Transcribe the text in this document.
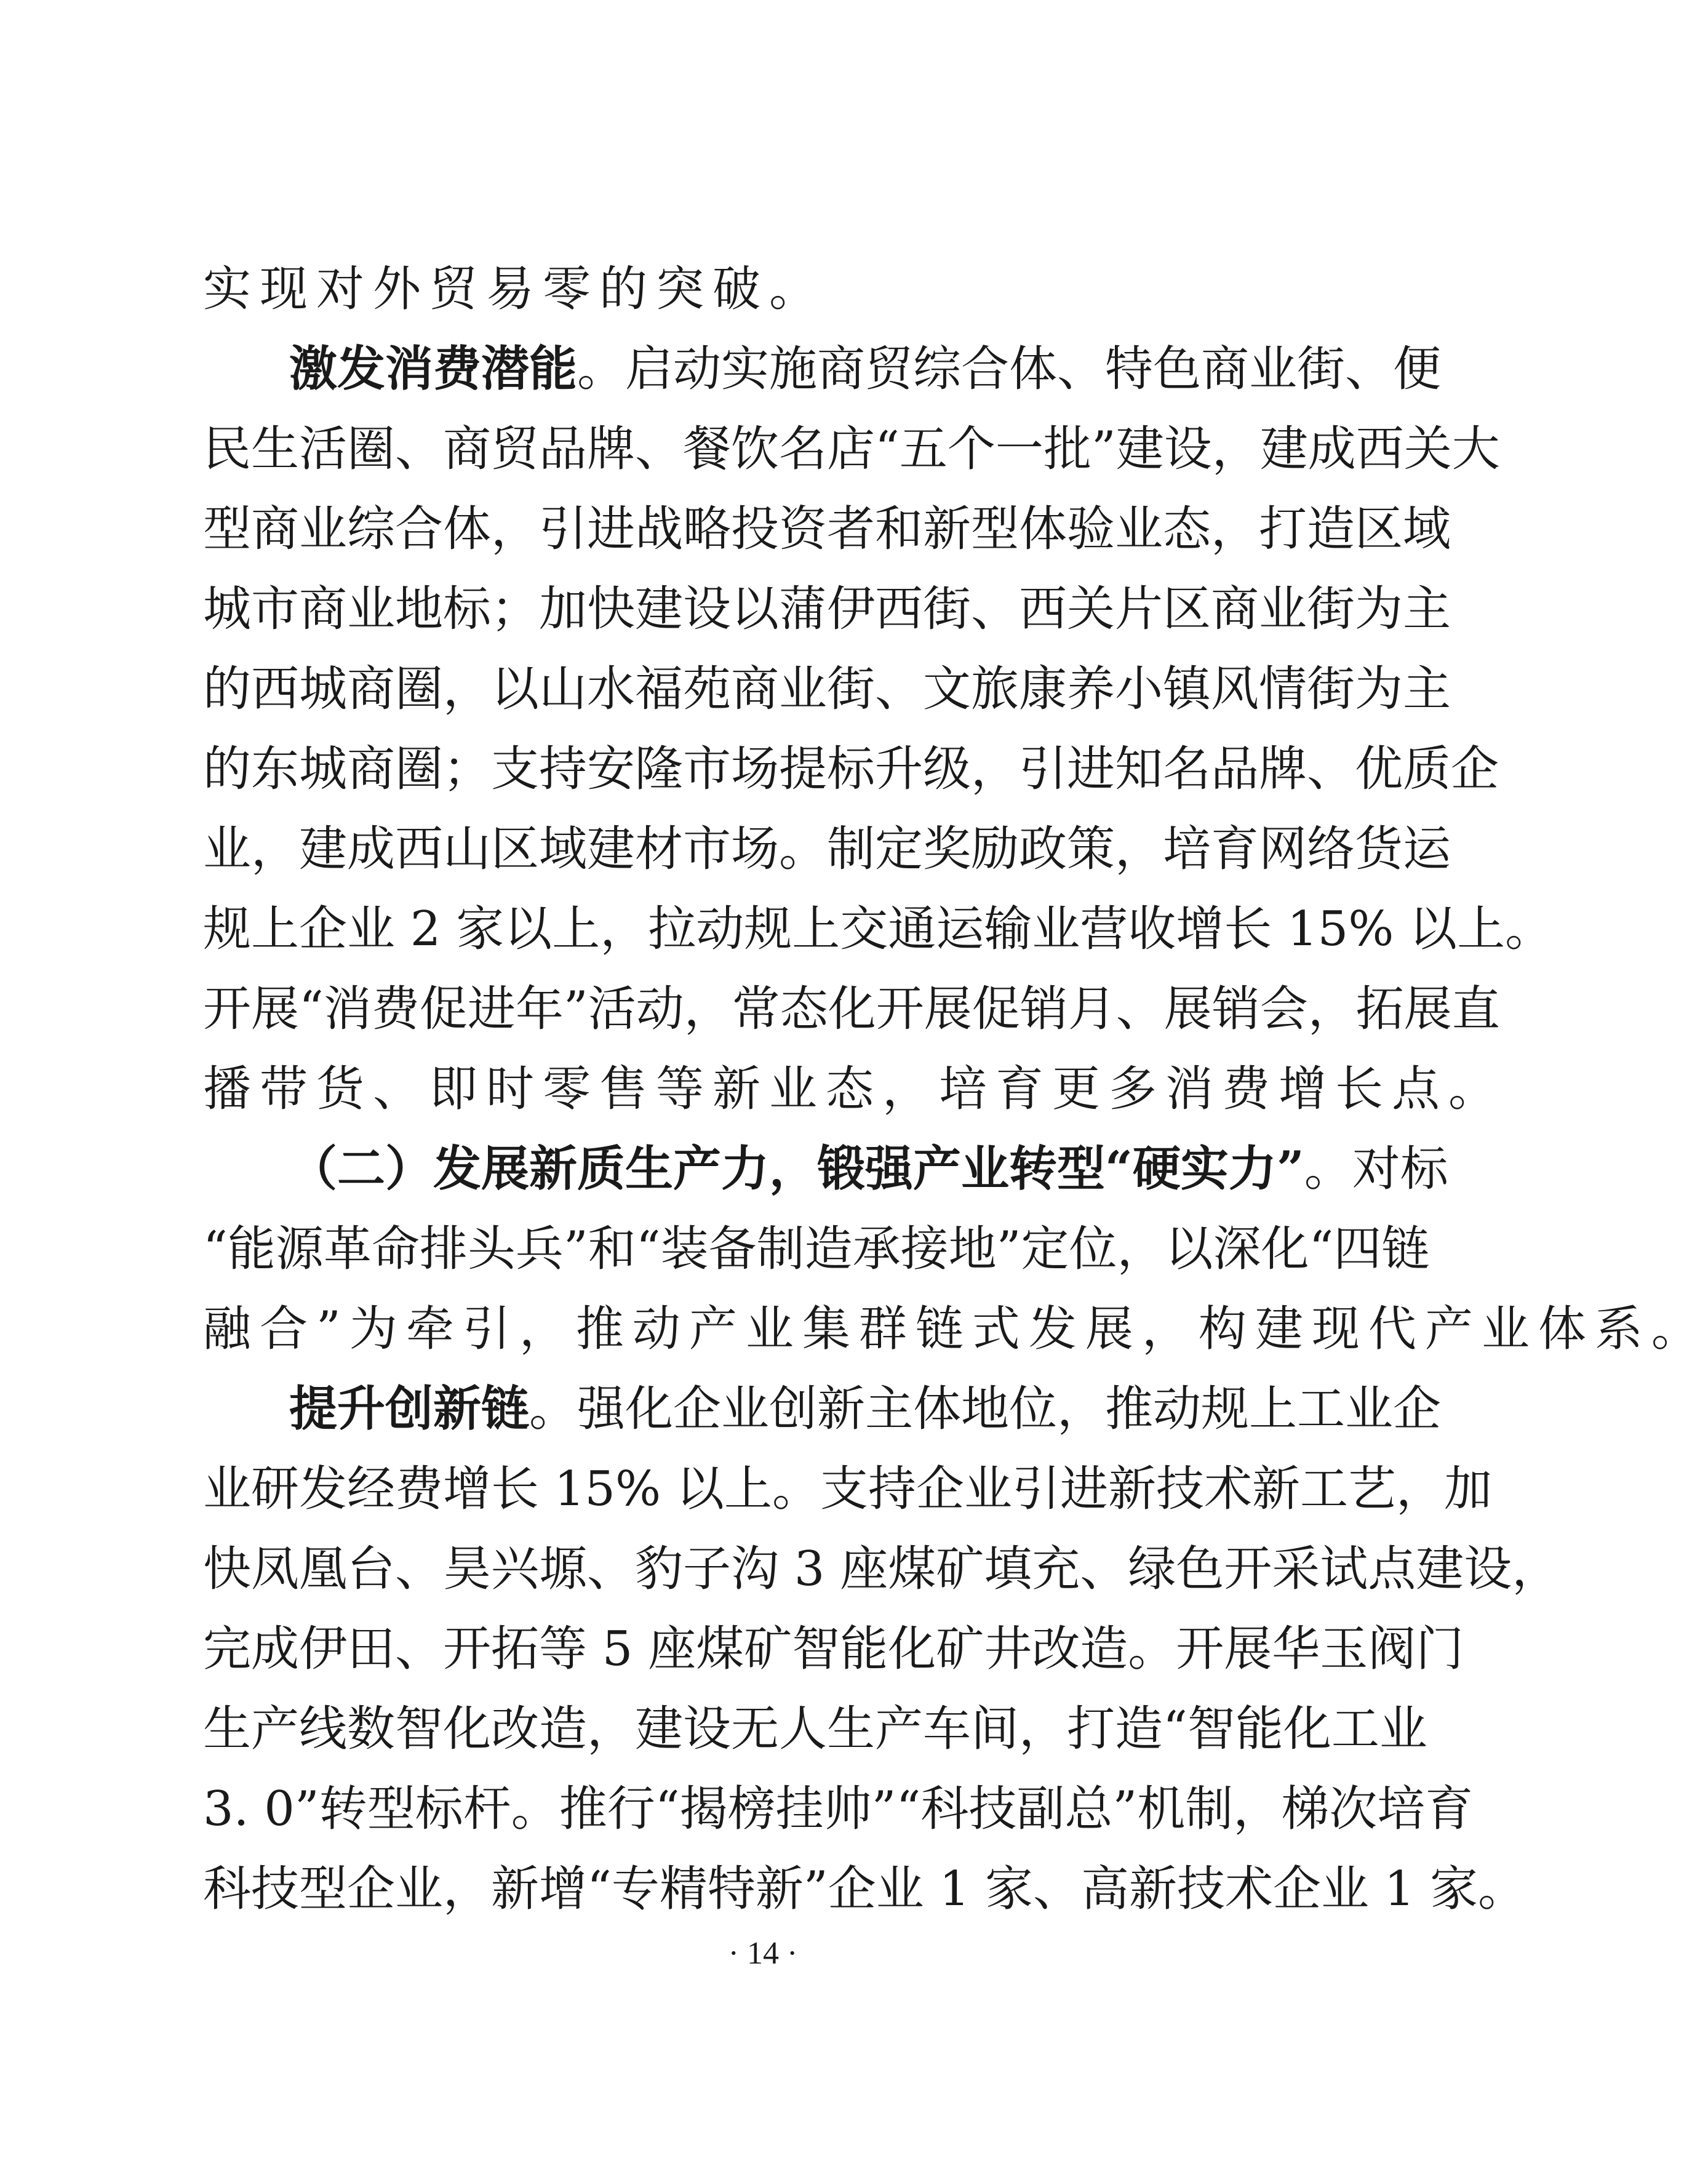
实现对外贸易零的突破。
激发消费潜能。启动实施商贸综合体、特色商业街、便
民生活圈、商贸品牌、餐饮名店“五个一批”建设，建成西关大
型商业综合体，引进战略投资者和新型体验业态，打造区域
城市商业地标；加快建设以蒲伊西街、西关片区商业街为主
的西城商圈，以山水福苑商业街、文旅康养小镇风情街为主
的东城商圈；支持安隆市场提标升级，引进知名品牌、优质企
业，建成西山区域建材市场。制定奖励政策，培育网络货运
规上企业 2 家以上，拉动规上交通运输业营收增长 15% 以上。
开展“消费促进年”活动，常态化开展促销月、展销会，拓展直
播带货、即时零售等新业态，培育更多消费增长点。
（二）发展新质生产力，锻强产业转型“硬实力”。对标
“能源革命排头兵”和“装备制造承接地”定位，以深化“四链
融合”为牵引，推动产业集群链式发展，构建现代产业体系。
提升创新链。强化企业创新主体地位，推动规上工业企
业研发经费增长 15% 以上。支持企业引进新技术新工艺，加
快凤凰台、昊兴塬、豹子沟 3 座煤矿填充、绿色开采试点建设，
完成伊田、开拓等 5 座煤矿智能化矿井改造。开展华玉阀门
生产线数智化改造，建设无人生产车间，打造“智能化工业
3. 0”转型标杆。推行“揭榜挂帅”“科技副总”机制，梯次培育
科技型企业，新增“专精特新”企业 1 家、高新技术企业 1 家。
· 14 ·
